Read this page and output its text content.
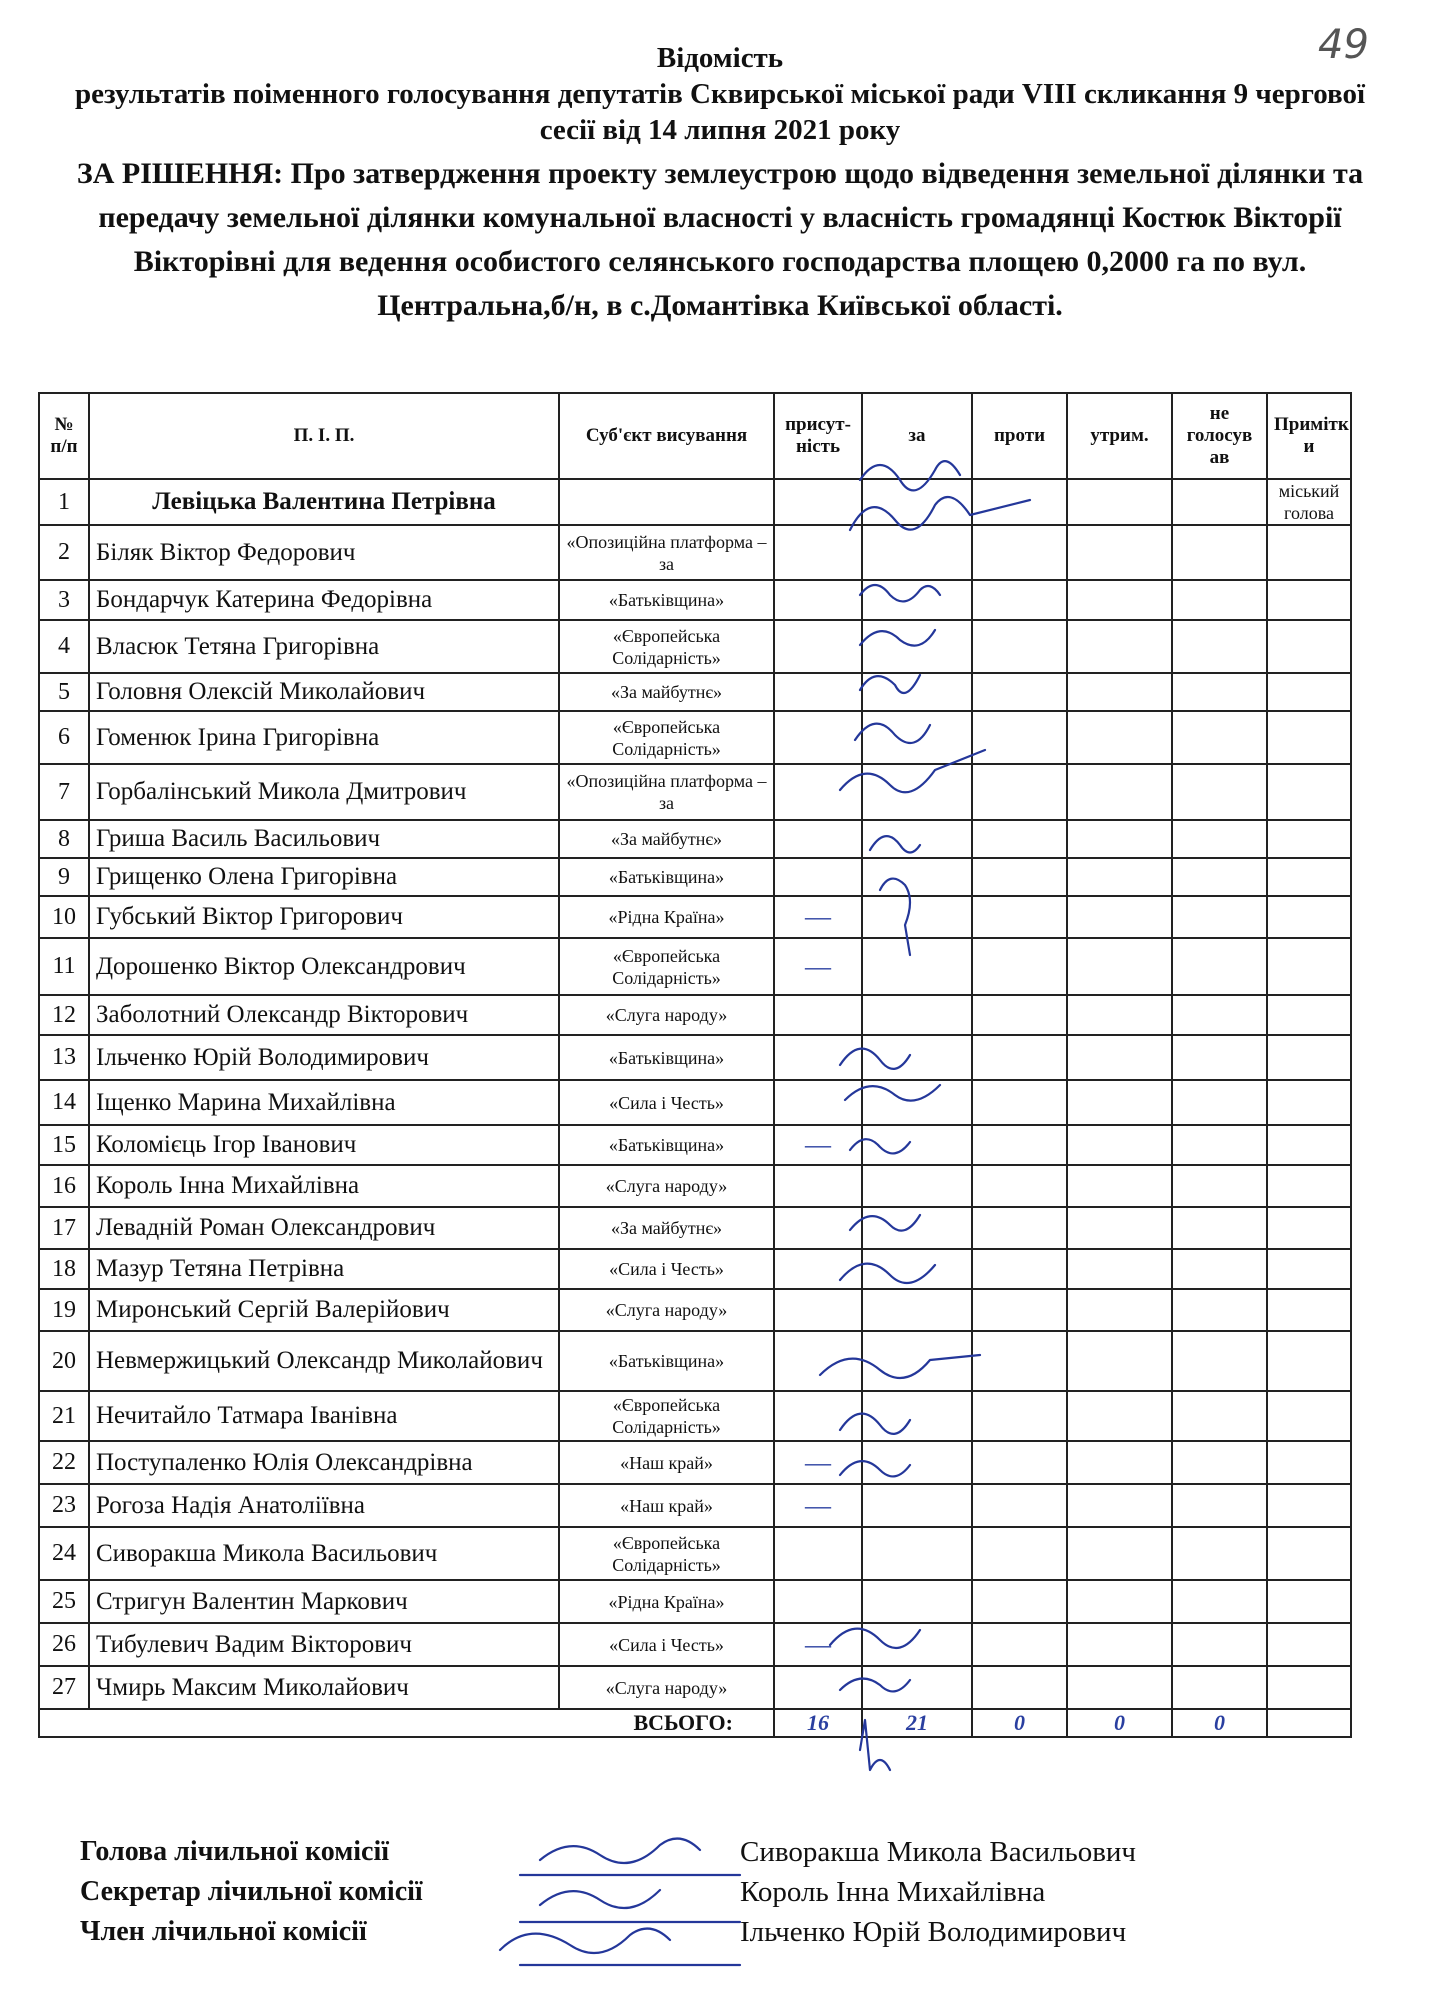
49
Відомість
результатів поіменного голосування депутатів Сквирської міської ради VIII скликання 9 чергової сесії від 14 липня 2021 року
ЗА РІШЕННЯ: Про затвердження проекту землеустрою щодо відведення земельної ділянки та передачу земельної ділянки комунальної власності у власність громадянці Костюк Вікторії Вікторівні для ведення особистого селянського господарства площею 0,2000 га по вул. Центральна,б/н, в с.Домантівка Київської області.
№ п/п	П. І. П.	Суб'єкт висування	присут-ність	за	проти	утрим.	не голосув ав	Примітк и
1	Левіцька Валентина Петрівна							міський голова
2	Біляк Віктор Федорович	«Опозиційна платформа – за						
3	Бондарчук Катерина Федорівна	«Батьківщина»						
4	Власюк Тетяна Григорівна	«Європейська Солідарність»						
5	Головня Олексій Миколайович	«За майбутнє»						
6	Гоменюк Ірина Григорівна	«Європейська Солідарність»						
7	Горбалінський Микола Дмитрович	«Опозиційна платформа – за						
8	Гриша Василь Васильович	«За майбутнє»						
9	Грищенко Олена Григорівна	«Батьківщина»						
10	Губський Віктор Григорович	«Рідна Країна»	—					
11	Дорошенко Віктор Олександрович	«Європейська Солідарність»	—					
12	Заболотний Олександр Вікторович	«Слуга народу»						
13	Ільченко Юрій Володимирович	«Батьківщина»						
14	Іщенко Марина Михайлівна	«Сила і Честь»						
15	Коломієць Ігор Іванович	«Батьківщина»	—					
16	Король Інна Михайлівна	«Слуга народу»						
17	Левадній Роман Олександрович	«За майбутнє»						
18	Мазур Тетяна Петрівна	«Сила і Честь»						
19	Миронський Сергій Валерійович	«Слуга народу»						
20	Невмержицький Олександр Миколайович	«Батьківщина»						
21	Нечитайло Татмара Іванівна	«Європейська Солідарність»						
22	Поступаленко Юлія Олександрівна	«Наш край»	—					
23	Рогоза Надія Анатоліївна	«Наш край»	—					
24	Сиворакша Микола Васильович	«Європейська Солідарність»						
25	Стригун Валентин Маркович	«Рідна Країна»						
26	Тибулевич Вадим Вікторович	«Сила і Честь»	—					
27	Чмирь Максим Миколайович	«Слуга народу»						
ВСЬОГО:			16	21	0	0	0	
Голова лічильної комісії	Сиворакша Микола Васильович
Секретар лічильної комісії	Король Інна Михайлівна
Член лічильної комісії	Ільченко Юрій Володимирович
